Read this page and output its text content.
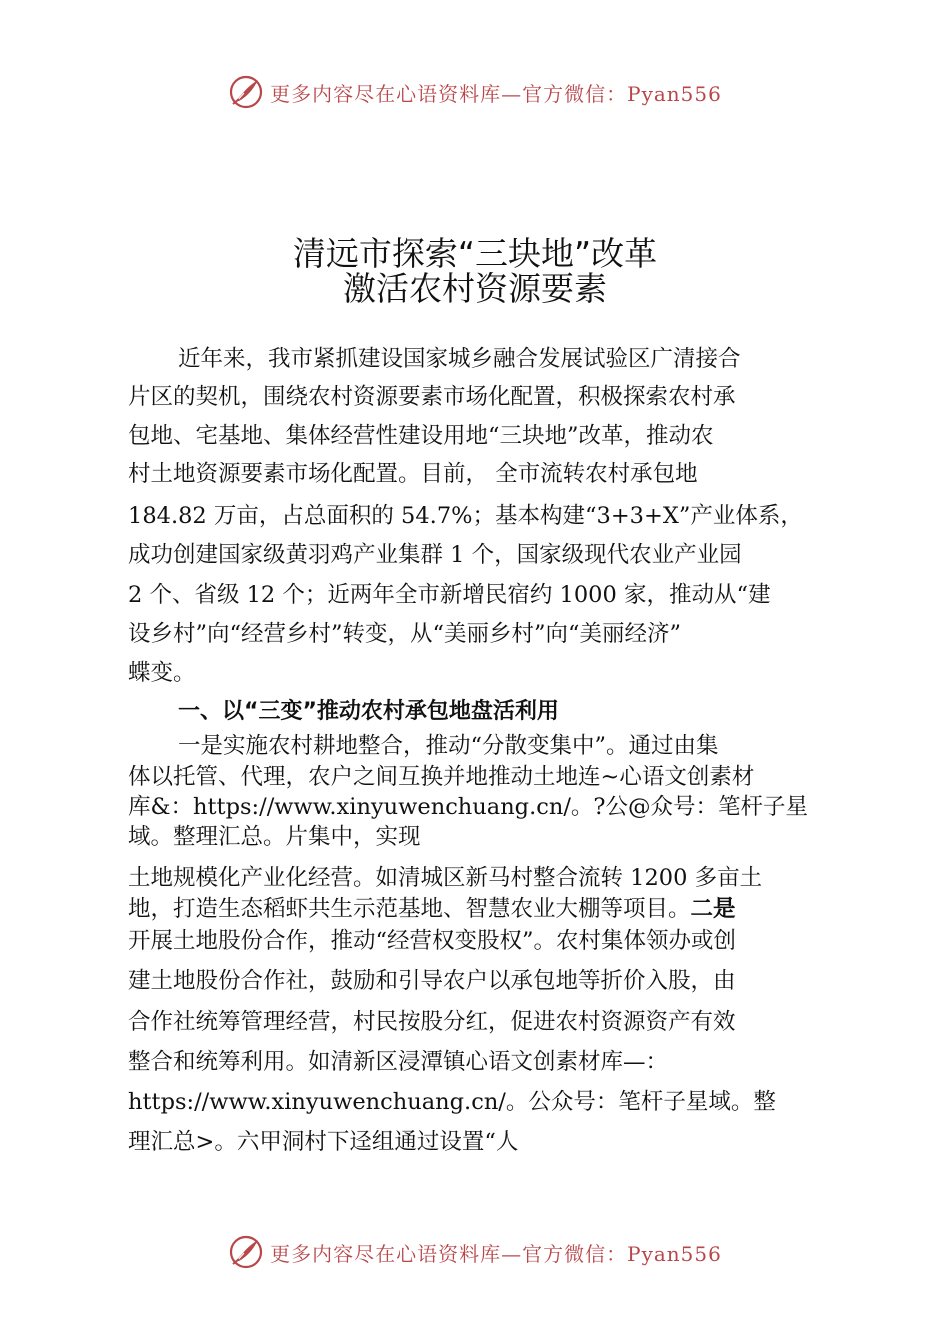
更多内容尽在心语资料库—官方微信：Pyan556
清远市探索“三块地”改革
激活农村资源要素
近年来，我市紧抓建设国家城乡融合发展试验区广清接合
片区的契机，围绕农村资源要素市场化配置，积极探索农村承
包地、宅基地、集体经营性建设用地“三块地”改革，推动农
村土地资源要素市场化配置。目前， 全市流转农村承包地
184.82 万亩，占总面积的 54.7%；基本构建“3+3+X”产业体系，
成功创建国家级黄羽鸡产业集群 1 个，国家级现代农业产业园
2 个、省级 12 个；近两年全市新增民宿约 1000 家，推动从“建
设乡村”向“经营乡村”转变，从“美丽乡村”向“美丽经济”
蝶变。
一、以“三变”推动农村承包地盘活利用
一是实施农村耕地整合，推动“分散变集中”。通过由集
体以托管、代理，农户之间互换并地推动土地连~心语文创素材
库&：https://www.xinyuwenchuang.cn/。?公@众号：笔杆子星
域。整理汇总。片集中，实现
土地规模化产业化经营。如清城区新马村整合流转 1200 多亩土
地，打造生态稻虾共生示范基地、智慧农业大棚等项目。二是
开展土地股份合作，推动“经营权变股权”。农村集体领办或创
建土地股份合作社，鼓励和引导农户以承包地等折价入股，由
合作社统筹管理经营，村民按股分红，促进农村资源资产有效
整合和统筹利用。如清新区浸潭镇心语文创素材库—：
https://www.xinyuwenchuang.cn/。公众号：笔杆子星域。整
理汇总>。六甲洞村下迳组通过设置“人
更多内容尽在心语资料库—官方微信：Pyan556
